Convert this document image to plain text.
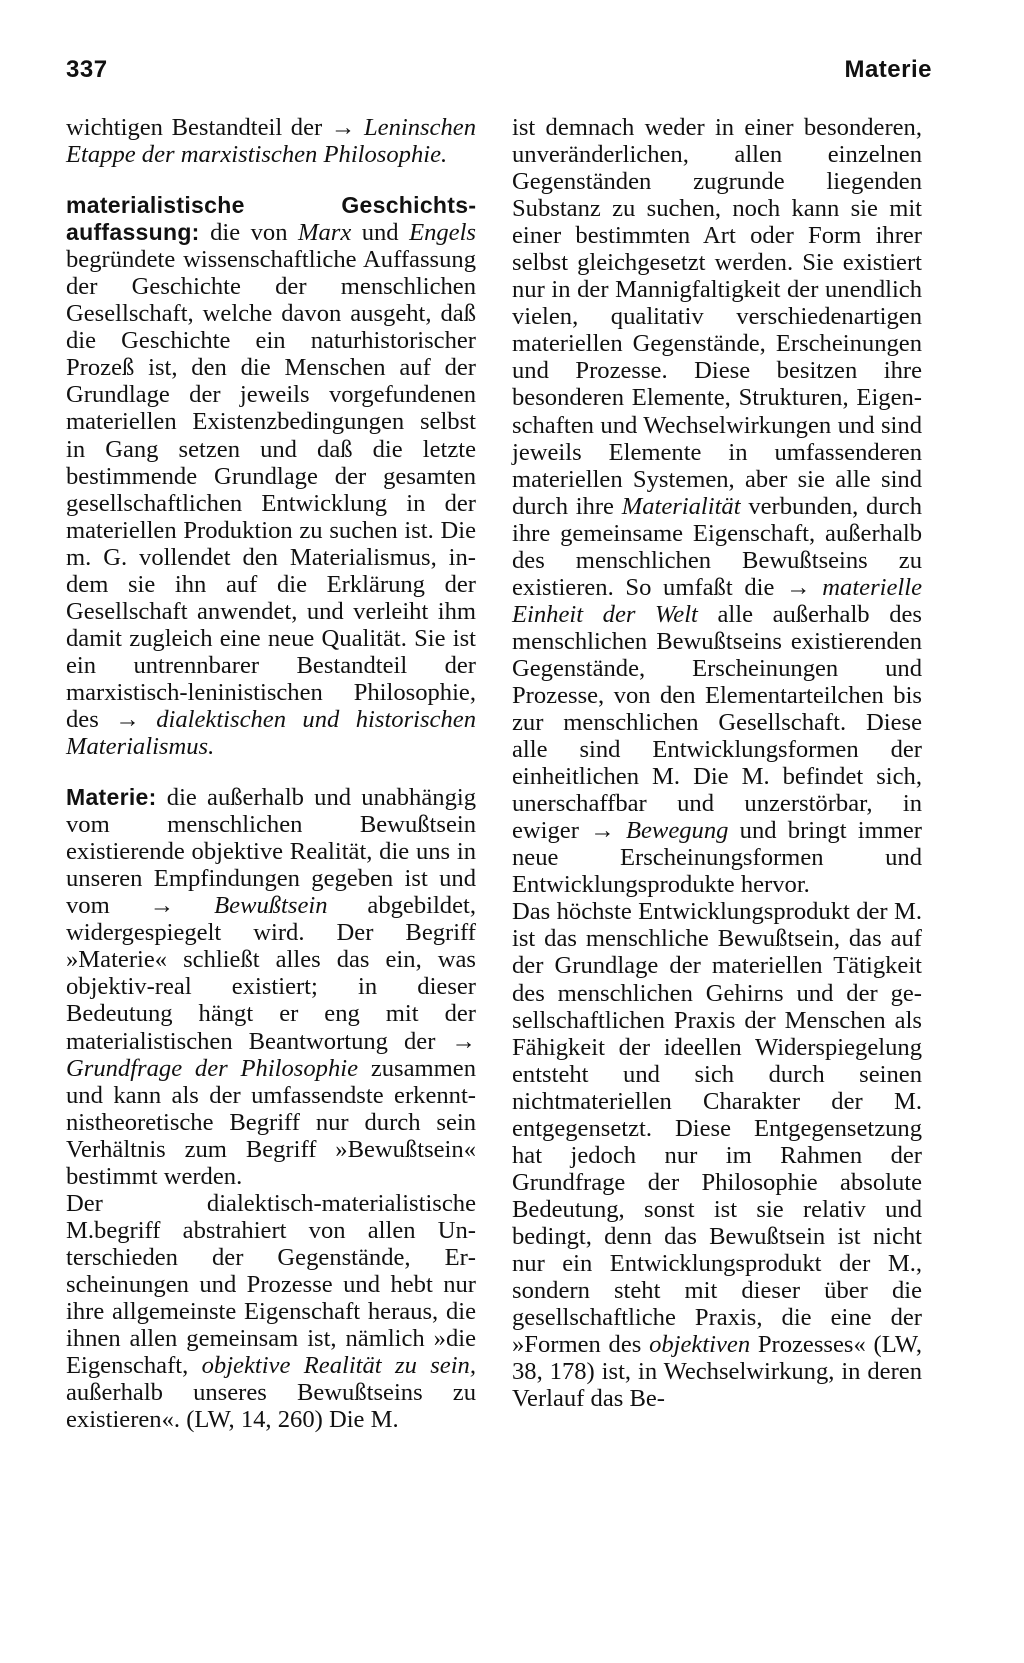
337	Materie

wichtigen Bestandteil der → Leninschen Etappe der marxistischen Philosophie.

materialistische Geschichtsauffassung: die von Marx und Engels begründete wissenschaftliche Auffassung der Geschichte der menschlichen Gesellschaft, welche davon ausgeht, daß die Geschichte ein naturhistorischer Prozeß ist, den die Menschen auf der Grundlage der jeweils vorgefundenen materiellen Existenzbedingungen selbst in Gang setzen und daß die letzte bestimmende Grundlage der gesamten gesellschaftlichen Entwicklung in der materiellen Produktion zu suchen ist. Die m. G. vollendet den Materialismus, indem sie ihn auf die Erklärung der Gesellschaft anwendet, und verleiht ihm damit zugleich eine neue Qualität. Sie ist ein untrennbarer Bestandteil der marxistisch-leninistischen Philosophie, des → dialektischen und historischen Materialismus.

Materie: die außerhalb und unabhängig vom menschlichen Bewußtsein existierende objektive Realität, die uns in unseren Empfindungen gegeben ist und vom → Bewußtsein abgebildet, widergespiegelt wird. Der Begriff »Materie« schließt alles das ein, was objektiv-real existiert; in dieser Bedeutung hängt er eng mit der materialistischen Beantwortung der → Grundfrage der Philosophie zusammen und kann als der umfassendste erkenntnistheoretische Begriff nur durch sein Verhältnis zum Begriff »Bewußtsein« bestimmt werden.

Der dialektisch-materialistische M.begriff abstrahiert von allen Unterschieden der Gegenstände, Erscheinungen und Prozesse und hebt nur ihre allgemeinste Eigenschaft heraus, die ihnen allen gemeinsam ist, nämlich »die Eigenschaft, objektive Realität zu sein, außerhalb unseres Bewußtseins zu existieren«. (LW, 14, 260) Die M.

ist demnach weder in einer besonderen, unveränderlichen, allen einzelnen Gegenständen zugrunde liegenden Substanz zu suchen, noch kann sie mit einer bestimmten Art oder Form ihrer selbst gleichgesetzt werden. Sie existiert nur in der Mannigfaltigkeit der unendlich vielen, qualitativ verschiedenartigen materiellen Gegenstände, Erscheinungen und Prozesse. Diese besitzen ihre besonderen Elemente, Strukturen, Eigenschaften und Wechselwirkungen und sind jeweils Elemente in umfassenderen materiellen Systemen, aber sie alle sind durch ihre Materialität verbunden, durch ihre gemeinsame Eigenschaft, außerhalb des menschlichen Bewußtseins zu existieren. So umfaßt die → materielle Einheit der Welt alle außerhalb des menschlichen Bewußtseins existierenden Gegenstände, Erscheinungen und Prozesse, von den Elementarteilchen bis zur menschlichen Gesellschaft. Diese alle sind Entwicklungsformen der einheitlichen M. Die M. befindet sich, unerschaffbar und unzerstörbar, in ewiger → Bewegung und bringt immer neue Erscheinungsformen und Entwicklungsprodukte hervor.

Das höchste Entwicklungsprodukt der M. ist das menschliche Bewußtsein, das auf der Grundlage der materiellen Tätigkeit des menschlichen Gehirns und der gesellschaftlichen Praxis der Menschen als Fähigkeit der ideellen Widerspiegelung entsteht und sich durch seinen nichtmateriellen Charakter der M. entgegensetzt. Diese Entgegensetzung hat jedoch nur im Rahmen der Grundfrage der Philosophie absolute Bedeutung, sonst ist sie relativ und bedingt, denn das Bewußtsein ist nicht nur ein Entwicklungsprodukt der M., sondern steht mit dieser über die gesellschaftliche Praxis, die eine der »Formen des objektiven Prozesses« (LW, 38, 178) ist, in Wechselwirkung, in deren Verlauf das Be-
